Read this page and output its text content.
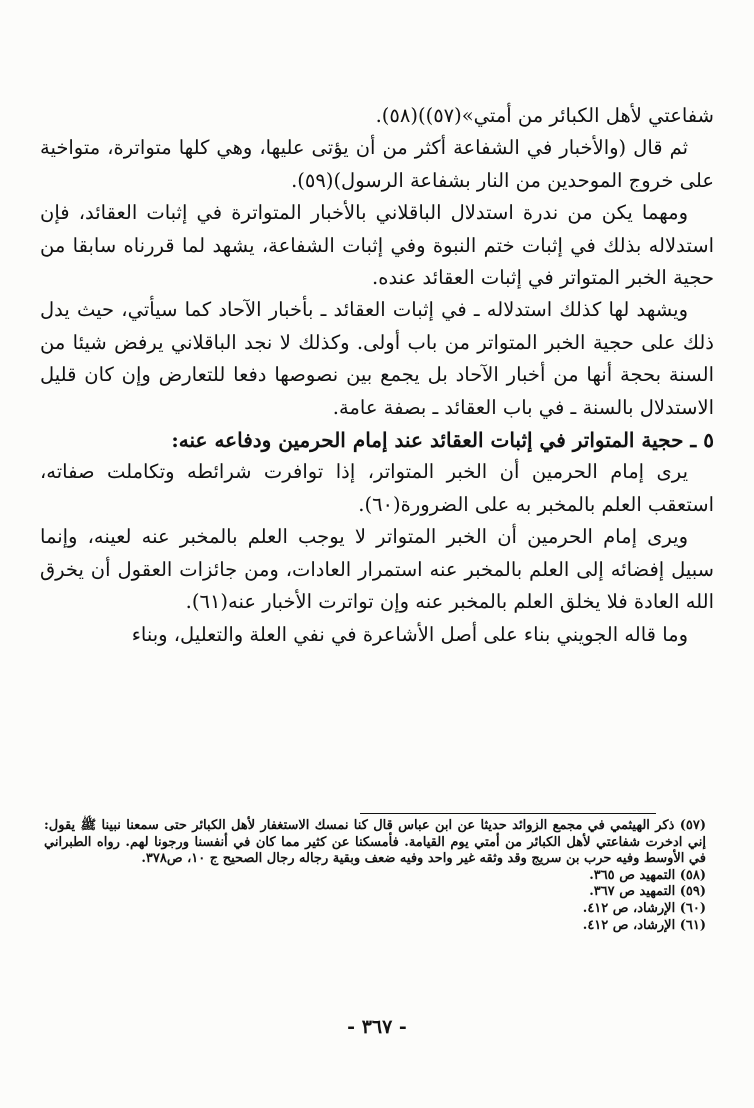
شفاعتي لأهل الكبائر من أمتي»(٥٧))(٥٨).

ثم قال (والأخبار في الشفاعة أكثر من أن يؤتى عليها، وهي كلها متواترة، متواخية على خروج الموحدين من النار بشفاعة الرسول)(٥٩).

ومهما يكن من ندرة استدلال الباقلاني بالأخبار المتواترة في إثبات العقائد، فإن استدلاله بذلك في إثبات ختم النبوة وفي إثبات الشفاعة، يشهد لما قررناه سابقا من حجية الخبر المتواتر في إثبات العقائد عنده.

ويشهد لها كذلك استدلاله ـ في إثبات العقائد ـ بأخبار الآحاد كما سيأتي، حيث يدل ذلك على حجية الخبر المتواتر من باب أولى. وكذلك لا نجد الباقلاني يرفض شيئا من السنة بحجة أنها من أخبار الآحاد بل يجمع بين نصوصها دفعا للتعارض وإن كان قليل الاستدلال بالسنة ـ في باب العقائد ـ بصفة عامة.

٥ ـ حجية المتواتر في إثبات العقائد عند إمام الحرمين ودفاعه عنه:

يرى إمام الحرمين أن الخبر المتواتر، إذا توافرت شرائطه وتكاملت صفاته، استعقب العلم بالمخبر به على الضرورة(٦٠).

ويرى إمام الحرمين أن الخبر المتواتر لا يوجب العلم بالمخبر عنه لعينه، وإنما سبيل إفضائه إلى العلم بالمخبر عنه استمرار العادات، ومن جائزات العقول أن يخرق الله العادة فلا يخلق العلم بالمخبر عنه وإن تواترت الأخبار عنه(٦١).

وما قاله الجويني بناء على أصل الأشاعرة في نفي العلة والتعليل، وبناء

(٥٧) ذكر الهيثمي في مجمع الزوائد حديثا عن ابن عباس قال كنا نمسك الاستغفار لأهل الكبائر حتى سمعنا نبينا ﷺ يقول: إني ادخرت شفاعتي لأهل الكبائر من أمتي يوم القيامة. فأمسكنا عن كثير مما كان في أنفسنا ورجونا لهم. رواه الطبراني في الأوسط وفيه حرب بن سريج وقد وثقه غير واحد وفيه ضعف وبقية رجاله رجال الصحيح ج ١٠، ص٣٧٨.

(٥٨) التمهيد ص ٣٦٥.

(٥٩) التمهيد ص ٣٦٧.

(٦٠) الإرشاد، ص ٤١٢.

(٦١) الإرشاد، ص ٤١٢.

- ٣٦٧ -
